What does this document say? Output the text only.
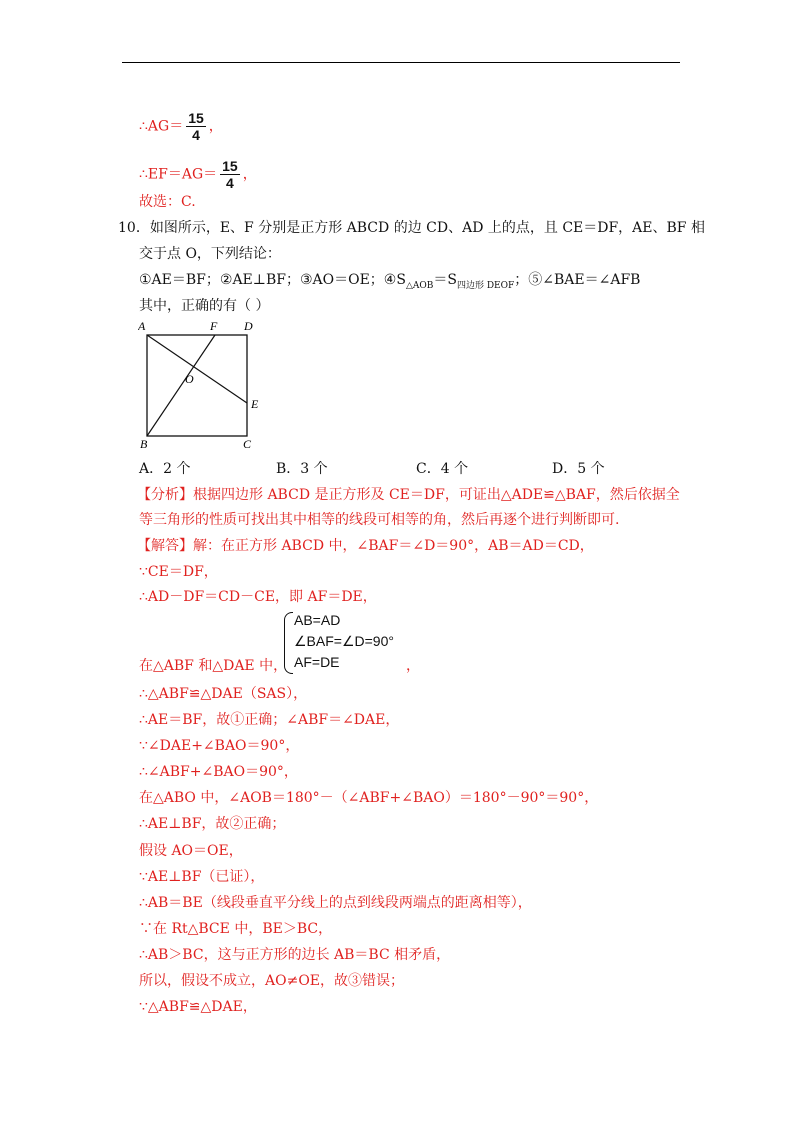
∴AG＝ $\frac{15}{4}$ ，
∴EF＝AG＝ $\frac{15}{4}$ ，
故选：C.
10．如图所示，E、F 分别是正方形 ABCD 的边 CD、AD 上的点，且 CE＝DF，AE、BF 相
交于点 O，下列结论：
①AE＝BF；②AE⊥BF；③AO＝OE；$④S_{\triangle AOB}=S_{四边形 DEOF}$；⑤∠BAE＝∠AFB
其中，正确的有（ ）
A	F D
O
E
B	C
A．2 个	B．3 个	C．4 个	D．5 个
【分析】根据四边形 ABCD 是正方形及 CE＝DF，可证出△ADE≌△BAF，然后依据全
等三角形的性质可找出其中相等的线段可相等的角，然后再逐个进行判断即可.
【解答】解：在正方形 ABCD 中，∠BAF＝∠D＝90°，AB＝AD＝CD，
∵CE＝DF，
∴AD－DF＝CD－CE，即 AF＝DE，
AB=AD
∠BAF=∠D=90°
AF=DE
在△ABF 和△DAE 中，	，
∴△ABF≌△DAE（SAS），
∴AE＝BF，故①正确；∠ABF＝∠DAE，
∵∠DAE+∠BAO＝90°，
∴∠ABF+∠BAO＝90°，
在△ABO 中，∠AOB＝180°－（∠ABF+∠BAO）＝180°－90°＝90°，
∴AE⊥BF，故②正确；
假设 AO＝OE，
∵AE⊥BF（已证），
∴AB＝BE（线段垂直平分线上的点到线段两端点的距离相等），
∵在 Rt△BCE 中，BE＞BC，
∴AB＞BC，这与正方形的边长 AB＝BC 相矛盾，
所以，假设不成立，AO≠OE，故③错误；
∵△ABF≌△DAE，
